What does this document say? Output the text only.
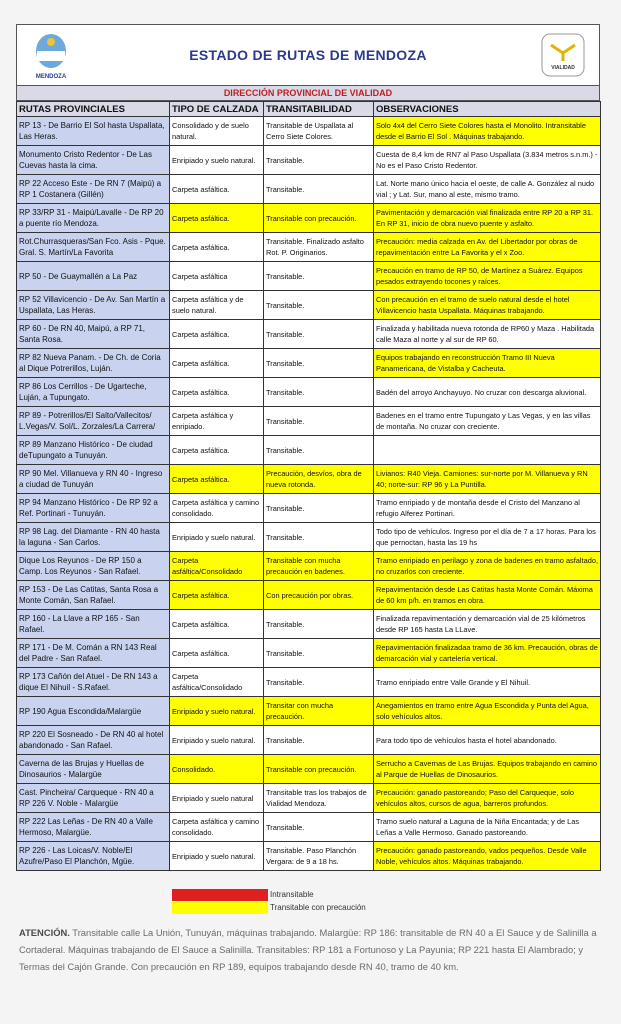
MENDOZA
ESTADO DE RUTAS DE MENDOZA
VIALIDAD
DIRECCIÓN PROVINCIAL DE VIALIDAD
RUTAS PROVINCIALES	TIPO DE CALZADA	TRANSITABILIDAD	OBSERVACIONES
RP 13 - De Barrio El Sol hasta Uspallata, Las Heras.	Consolidado y de suelo natural.	Transitable de Uspallata al Cerro Siete Colores.	Solo 4x4 del Cerro Siete Colores hasta el Monolito. Intransitable desde el Barrio El Sol . Máquinas trabajando.
Monumento Cristo Redentor - De Las Cuevas hasta la cima.	Enripiado y suelo natural.	Transitable.	Cuesta de 8,4 km de RN7 al Paso Uspallata (3.834 metros s.n.m.) - No es el Paso Cristo Redentor.
RP 22 Acceso Este - De RN 7 (Maipú) a RP 1 Costanera (Gillén)	Carpeta asfáltica.	Transitable.	Lat. Norte mano único hacia el oeste, de calle A. González al nudo vial ; y Lat. Sur, mano al este, mismo tramo.
RP 33/RP 31 - Maipú/Lavalle - De RP 20 a puente río Mendoza.	Carpeta asfáltica.	Transitable con precaución.	Pavimentación y demarcación vial finalizada entre RP 20 a RP 31. En RP 31, inicio de obra nuevo puente y asfalto.
Rot.Churrasqueras/San Fco. Asis - Pque. Gral. S. Martín/La Favorita	Carpeta asfáltica.	Transitable. Finalizado asfalto Rot. P. Originarios.	Precaución: media calzada en Av. del Libertador por obras de repavimentación entre La Favorita y el x Zoo.
RP 50 - De Guaymallén a La Paz	Carpeta asfáltica	Transitable.	Precaución en tramo de RP 50, de Martínez a Suárez. Equipos pesados extrayendo tocones y raíces.
RP 52 Villavicencio - De Av. San Martín a Uspallata, Las Heras.	Carpeta asfáltica y de suelo natural.	Transitable.	Con precaución en el tramo de suelo natural desde el hotel Villavicencio hasta Uspallata. Máquinas trabajando.
RP 60 - De RN 40, Maipú, a RP 71, Santa Rosa.	Carpeta asfáltica.	Transitable.	Finalizada y habilitada nueva rotonda de RP60 y Maza . Habilitada calle Maza al norte y al sur de RP 60.
RP 82 Nueva Panam. - De Ch. de Coria al Dique Potrerillos, Luján.	Carpeta asfáltica.	Transitable.	Equipos trabajando en reconstrucción Tramo III Nueva Panamericana, de Vistalba y Cacheuta.
RP 86 Los Cerrillos - De Ugarteche, Luján, a Tupungato.	Carpeta asfáltica.	Transitable.	Badén del arroyo Anchayuyo. No cruzar con descarga aluvional.
RP 89 - Potrerillos/El Salto/Vallecitos/ L.Vegas/V. Sol/L. Zorzales/La Carrera/	Carpeta asfáltica y enripiado.	Transitable.	Badenes en el tramo entre Tupungato y Las Vegas, y en las villas de montaña. No cruzar con creciente.
RP 89 Manzano Histórico - De ciudad deTupungato a Tunuyán.	Carpeta asfáltica.	Transitable.	
RP 90 Mel. Villanueva y RN 40 - Ingreso a ciudad de Tunuyán	Carpeta asfáltica.	Precaución, desvíos, obra de nueva rotonda.	Livianos: R40 Vieja. Camiones: sur-norte por M. Villanueva y RN 40; norte-sur: RP 96 y La Puntilla.
RP 94 Manzano Histórico - De RP 92 a Ref. Portinari - Tunuyán.	Carpeta asfáltica y camino consolidado.	Transitable.	Tramo enripiado y de montaña desde el Cristo del Manzano al refugio Alferez Portinari.
RP 98 Lag. del Diamante - RN 40 hasta la laguna - San Carlos.	Enripiado y suelo natural.	Transitable.	Todo tipo de vehículos. Ingreso por el día de 7 a 17 horas. Para los que pernoctan, hasta las 19 hs
Dique Los Reyunos - De RP 150 a Camp. Los Reyunos - San Rafael.	Carpeta asfáltica/Consolidado	Transitable con mucha precaución en badenes.	Tramo enripiado en perilago y zona de badenes en tramo asfaltado, no cruzarlos con creciente.
RP 153 - De Las Catitas, Santa Rosa a Monte Comán, San Rafael.	Carpeta asfáltica.	Con precaución por obras.	Repavimentación desde Las Catitas hasta Monte Comán. Máxima de 60 km p/h. en tramos en obra.
RP 160 - La Llave a RP 165 - San Rafael.	Carpeta asfáltica.	Transitable.	Finalizada repavimentación y demarcación vial de 25 kilómetros desde RP 165 hasta La LLave.
RP 171 - De M. Comán a RN 143 Real del Padre - San Rafael.	Carpeta asfáltica.	Transitable.	Repavimentación finalizadaa tramo de 36 km. Precaución, obras de demarcación vial y cartelería vertical.
RP 173 Cañón del Atuel - De RN 143 a dique El Nihuil - S.Rafael.	Carpeta asfáltica/Consolidado	Transitable.	Tramo enripiado entre Valle Grande y El Nihuil.
RP 190 Agua Escondida/Malargüe	Enripiado y suelo natural.	Transitar con mucha precaución.	Anegamientos en tramo entre Agua Escondida y Punta del Agua, solo vehículos altos.
RP 220 El Sosneado - De RN 40 al hotel abandonado - San Rafael.	Enripiado y suelo natural.	Transitable.	Para todo tipo de vehículos hasta el hotel abandonado.
Caverna de las Brujas y Huellas de Dinosaurios - Malargüe	Consolidado.	Transitable con precaución.	Serrucho a Cavernas de Las Brujas. Equipos trabajando en camino al Parque de Huellas de Dinosaurios.
Cast. Pincheira/ Carqueque - RN 40 a RP 226 V. Noble - Malargüe	Enripiado y suelo natural	Transitable tras los trabajos de Vialidad Mendoza.	Precaución: ganado pastoreando; Paso del Carqueque, solo vehículos altos, cursos de agua, barreros profundos.
RP 222 Las Leñas - De RN 40 a Valle Hermoso, Malargüe.	Carpeta asfáltica y camino consolidado.	Transitable.	Tramo suelo natural a Laguna de la Niña Encantada; y de Las Leñas a Valle Hermoso. Ganado pastoreando.
RP 226 - Las Loicas/V. Noble/El Azufre/Paso El Planchón, Mgüe.	Enripiado y suelo natural.	Transitable. Paso Planchón Vergara: de 9 a 18 hs.	Precaución: ganado pastoreando, vados pequeños. Desde Valle Noble, vehículos altos. Máquinas trabajando.
Intransitable
Transitable con precaución
ATENCIÓN. Transitable calle La Unión, Tunuyán, máquinas trabajando. Malargüe: RP 186: transitable de RN 40 a El Sauce y de Salinilla a Cortaderal. Máquinas trabajando de El Sauce a Salinilla. Transitables: RP 181 a Fortunoso y La Payunia; RP 221 hasta El Alambrado; y Termas del Cajón Grande. Con precaución en RP 189, equipos trabajando desde RN 40, tramo de 40 km.
